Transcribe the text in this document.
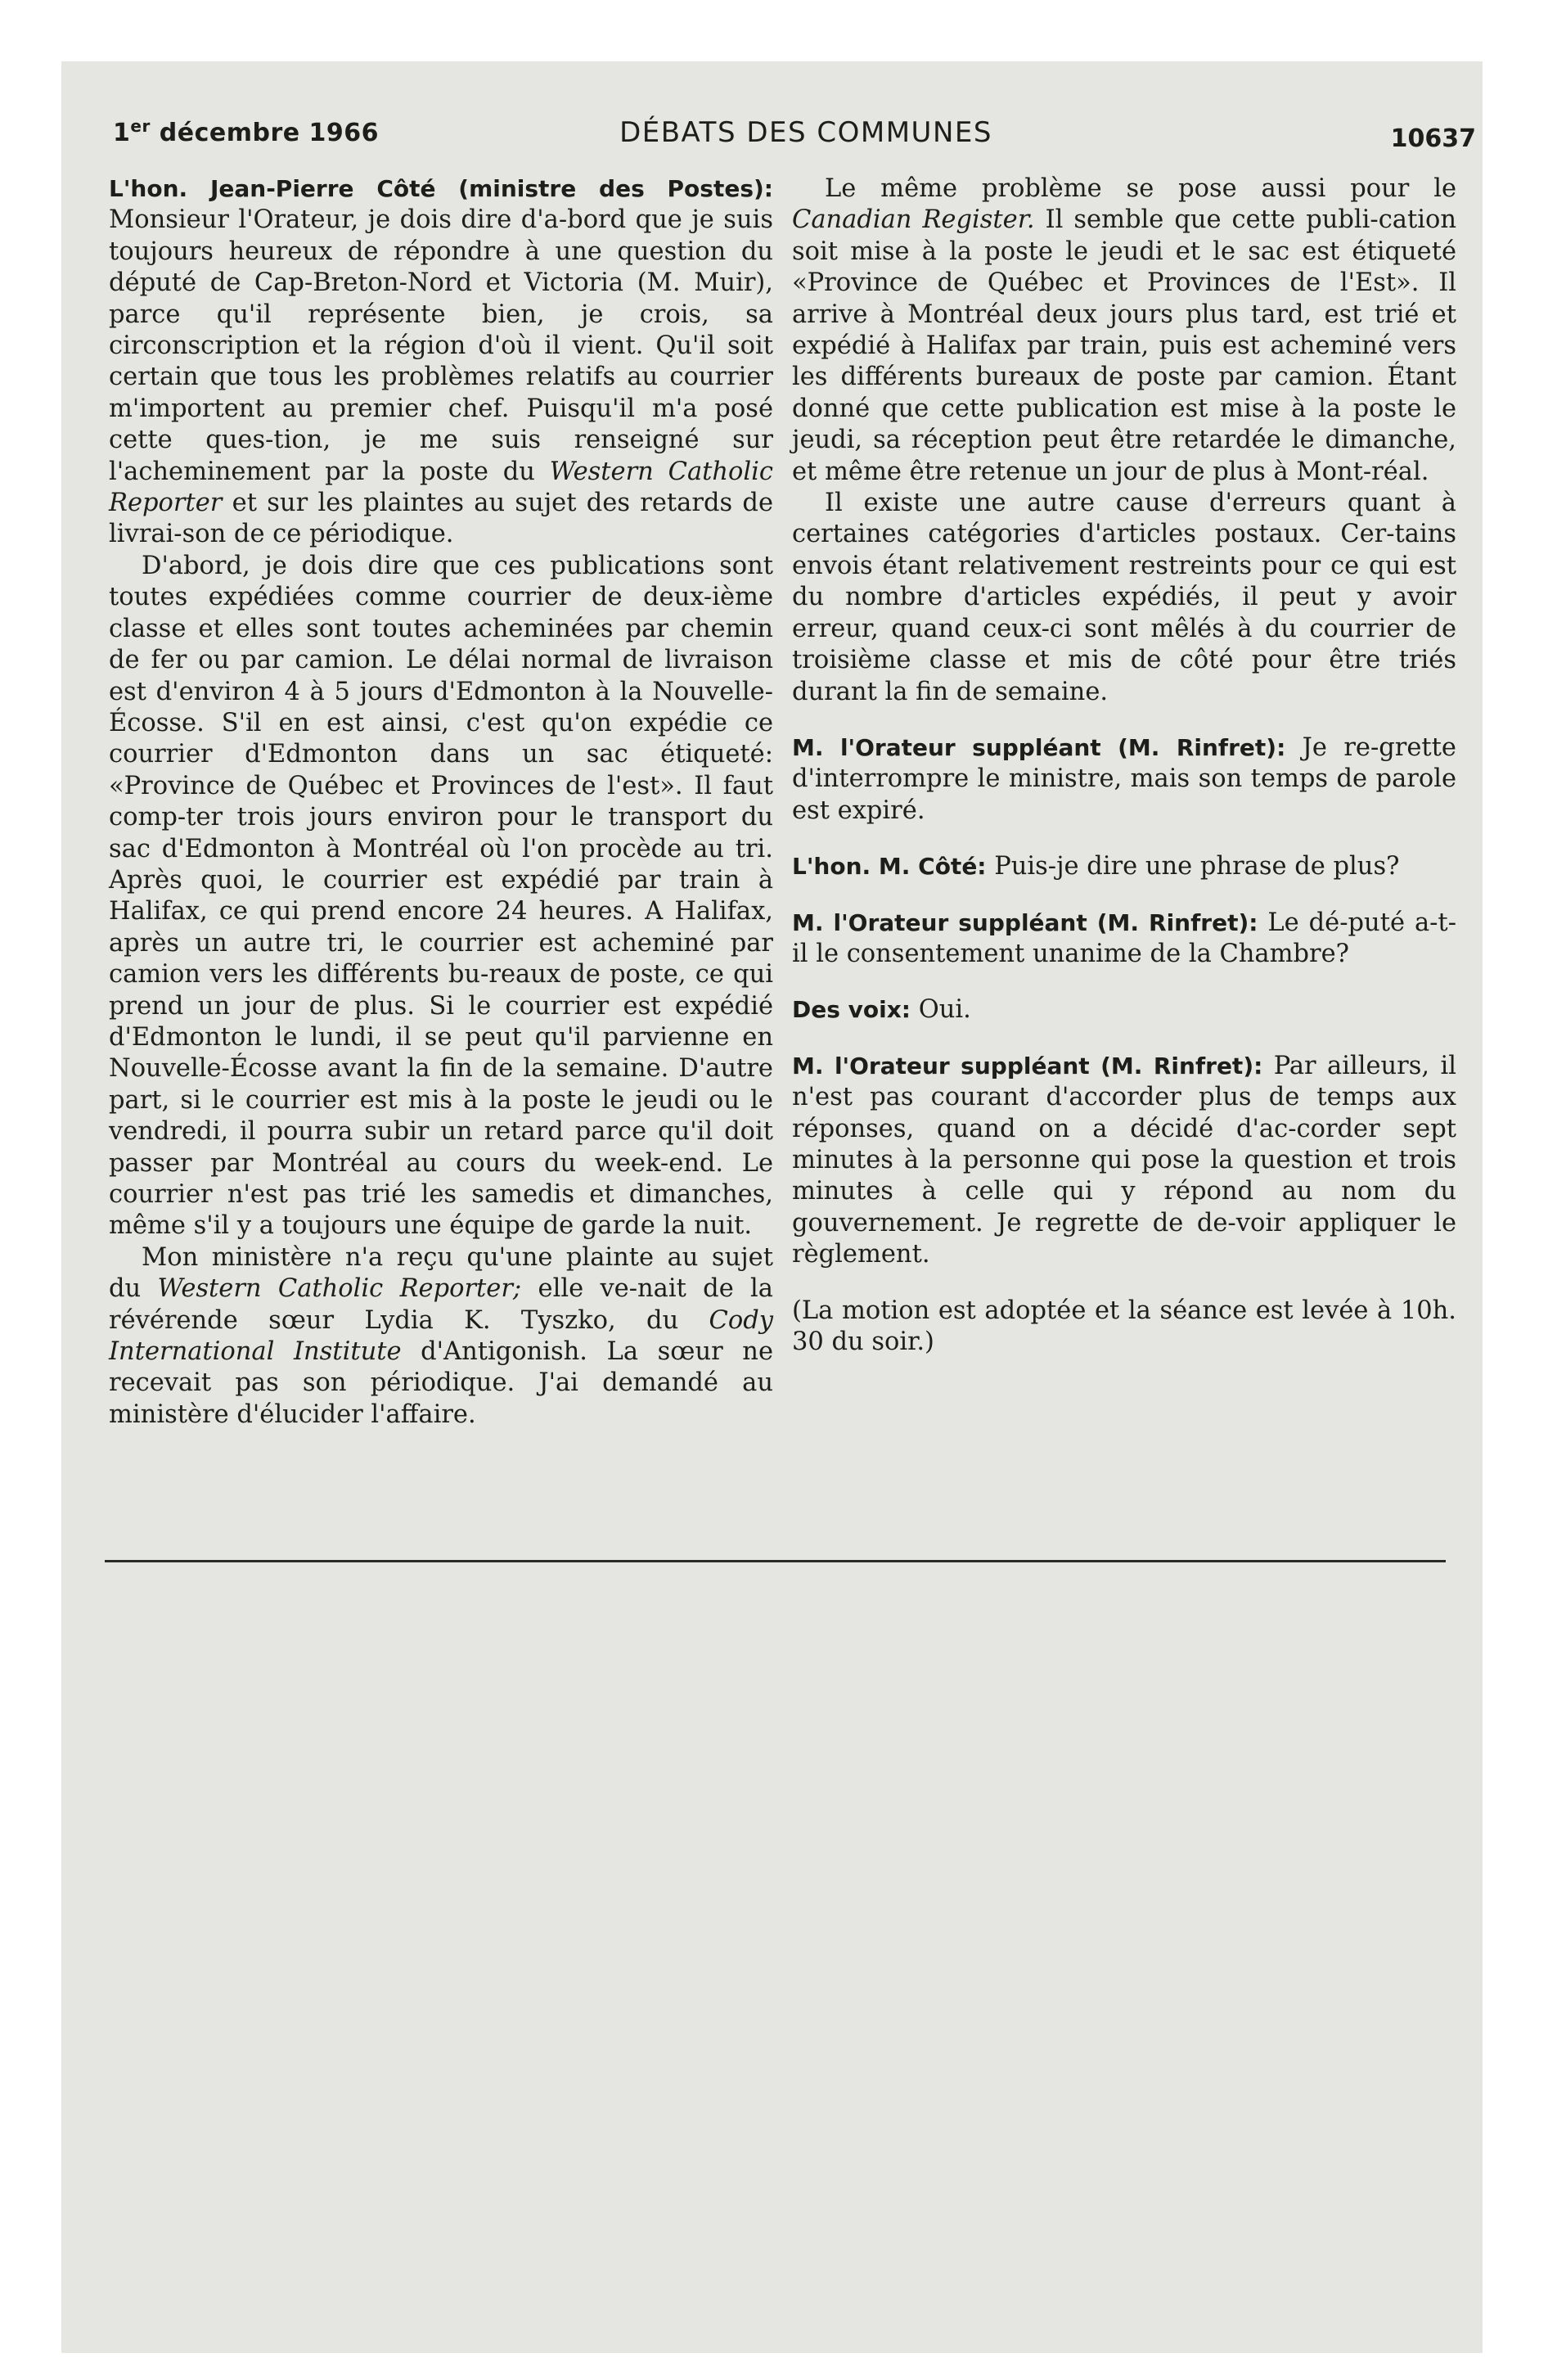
1er décembre 1966	DÉBATS DES COMMUNES	10637

L'hon. Jean-Pierre Côté (ministre des Postes): Monsieur l'Orateur, je dois dire d'a-bord que je suis toujours heureux de répondre à une question du député de Cap-Breton-Nord et Victoria (M. Muir), parce qu'il représente bien, je crois, sa circonscription et la région d'où il vient. Qu'il soit certain que tous les problèmes relatifs au courrier m'importent au premier chef. Puisqu'il m'a posé cette ques-tion, je me suis renseigné sur l'acheminement par la poste du Western Catholic Reporter et sur les plaintes au sujet des retards de livrai-son de ce périodique.

D'abord, je dois dire que ces publications sont toutes expédiées comme courrier de deux-ième classe et elles sont toutes acheminées par chemin de fer ou par camion. Le délai normal de livraison est d'environ 4 à 5 jours d'Edmonton à la Nouvelle-Écosse. S'il en est ainsi, c'est qu'on expédie ce courrier d'Edmonton dans un sac étiqueté: «Province de Québec et Provinces de l'est». Il faut comp-ter trois jours environ pour le transport du sac d'Edmonton à Montréal où l'on procède au tri. Après quoi, le courrier est expédié par train à Halifax, ce qui prend encore 24 heures. A Halifax, après un autre tri, le courrier est acheminé par camion vers les différents bu-reaux de poste, ce qui prend un jour de plus. Si le courrier est expédié d'Edmonton le lundi, il se peut qu'il parvienne en Nouvelle-Écosse avant la fin de la semaine. D'autre part, si le courrier est mis à la poste le jeudi ou le vendredi, il pourra subir un retard parce qu'il doit passer par Montréal au cours du week-end. Le courrier n'est pas trié les samedis et dimanches, même s'il y a toujours une équipe de garde la nuit.

Mon ministère n'a reçu qu'une plainte au sujet du Western Catholic Reporter; elle ve-nait de la révérende sœur Lydia K. Tyszko, du Cody International Institute d'Antigonish. La sœur ne recevait pas son périodique. J'ai demandé au ministère d'élucider l'affaire.

Le même problème se pose aussi pour le Canadian Register. Il semble que cette publi-cation soit mise à la poste le jeudi et le sac est étiqueté «Province de Québec et Provinces de l'Est». Il arrive à Montréal deux jours plus tard, est trié et expédié à Halifax par train, puis est acheminé vers les différents bureaux de poste par camion. Étant donné que cette publication est mise à la poste le jeudi, sa réception peut être retardée le dimanche, et même être retenue un jour de plus à Mont-réal.

Il existe une autre cause d'erreurs quant à certaines catégories d'articles postaux. Cer-tains envois étant relativement restreints pour ce qui est du nombre d'articles expédiés, il peut y avoir erreur, quand ceux-ci sont mêlés à du courrier de troisième classe et mis de côté pour être triés durant la fin de semaine.

M. l'Orateur suppléant (M. Rinfret): Je re-grette d'interrompre le ministre, mais son temps de parole est expiré.

L'hon. M. Côté: Puis-je dire une phrase de plus?

M. l'Orateur suppléant (M. Rinfret): Le dé-puté a-t-il le consentement unanime de la Chambre?

Des voix: Oui.

M. l'Orateur suppléant (M. Rinfret): Par ailleurs, il n'est pas courant d'accorder plus de temps aux réponses, quand on a décidé d'ac-corder sept minutes à la personne qui pose la question et trois minutes à celle qui y répond au nom du gouvernement. Je regrette de de-voir appliquer le règlement.

(La motion est adoptée et la séance est levée à 10h. 30 du soir.)
